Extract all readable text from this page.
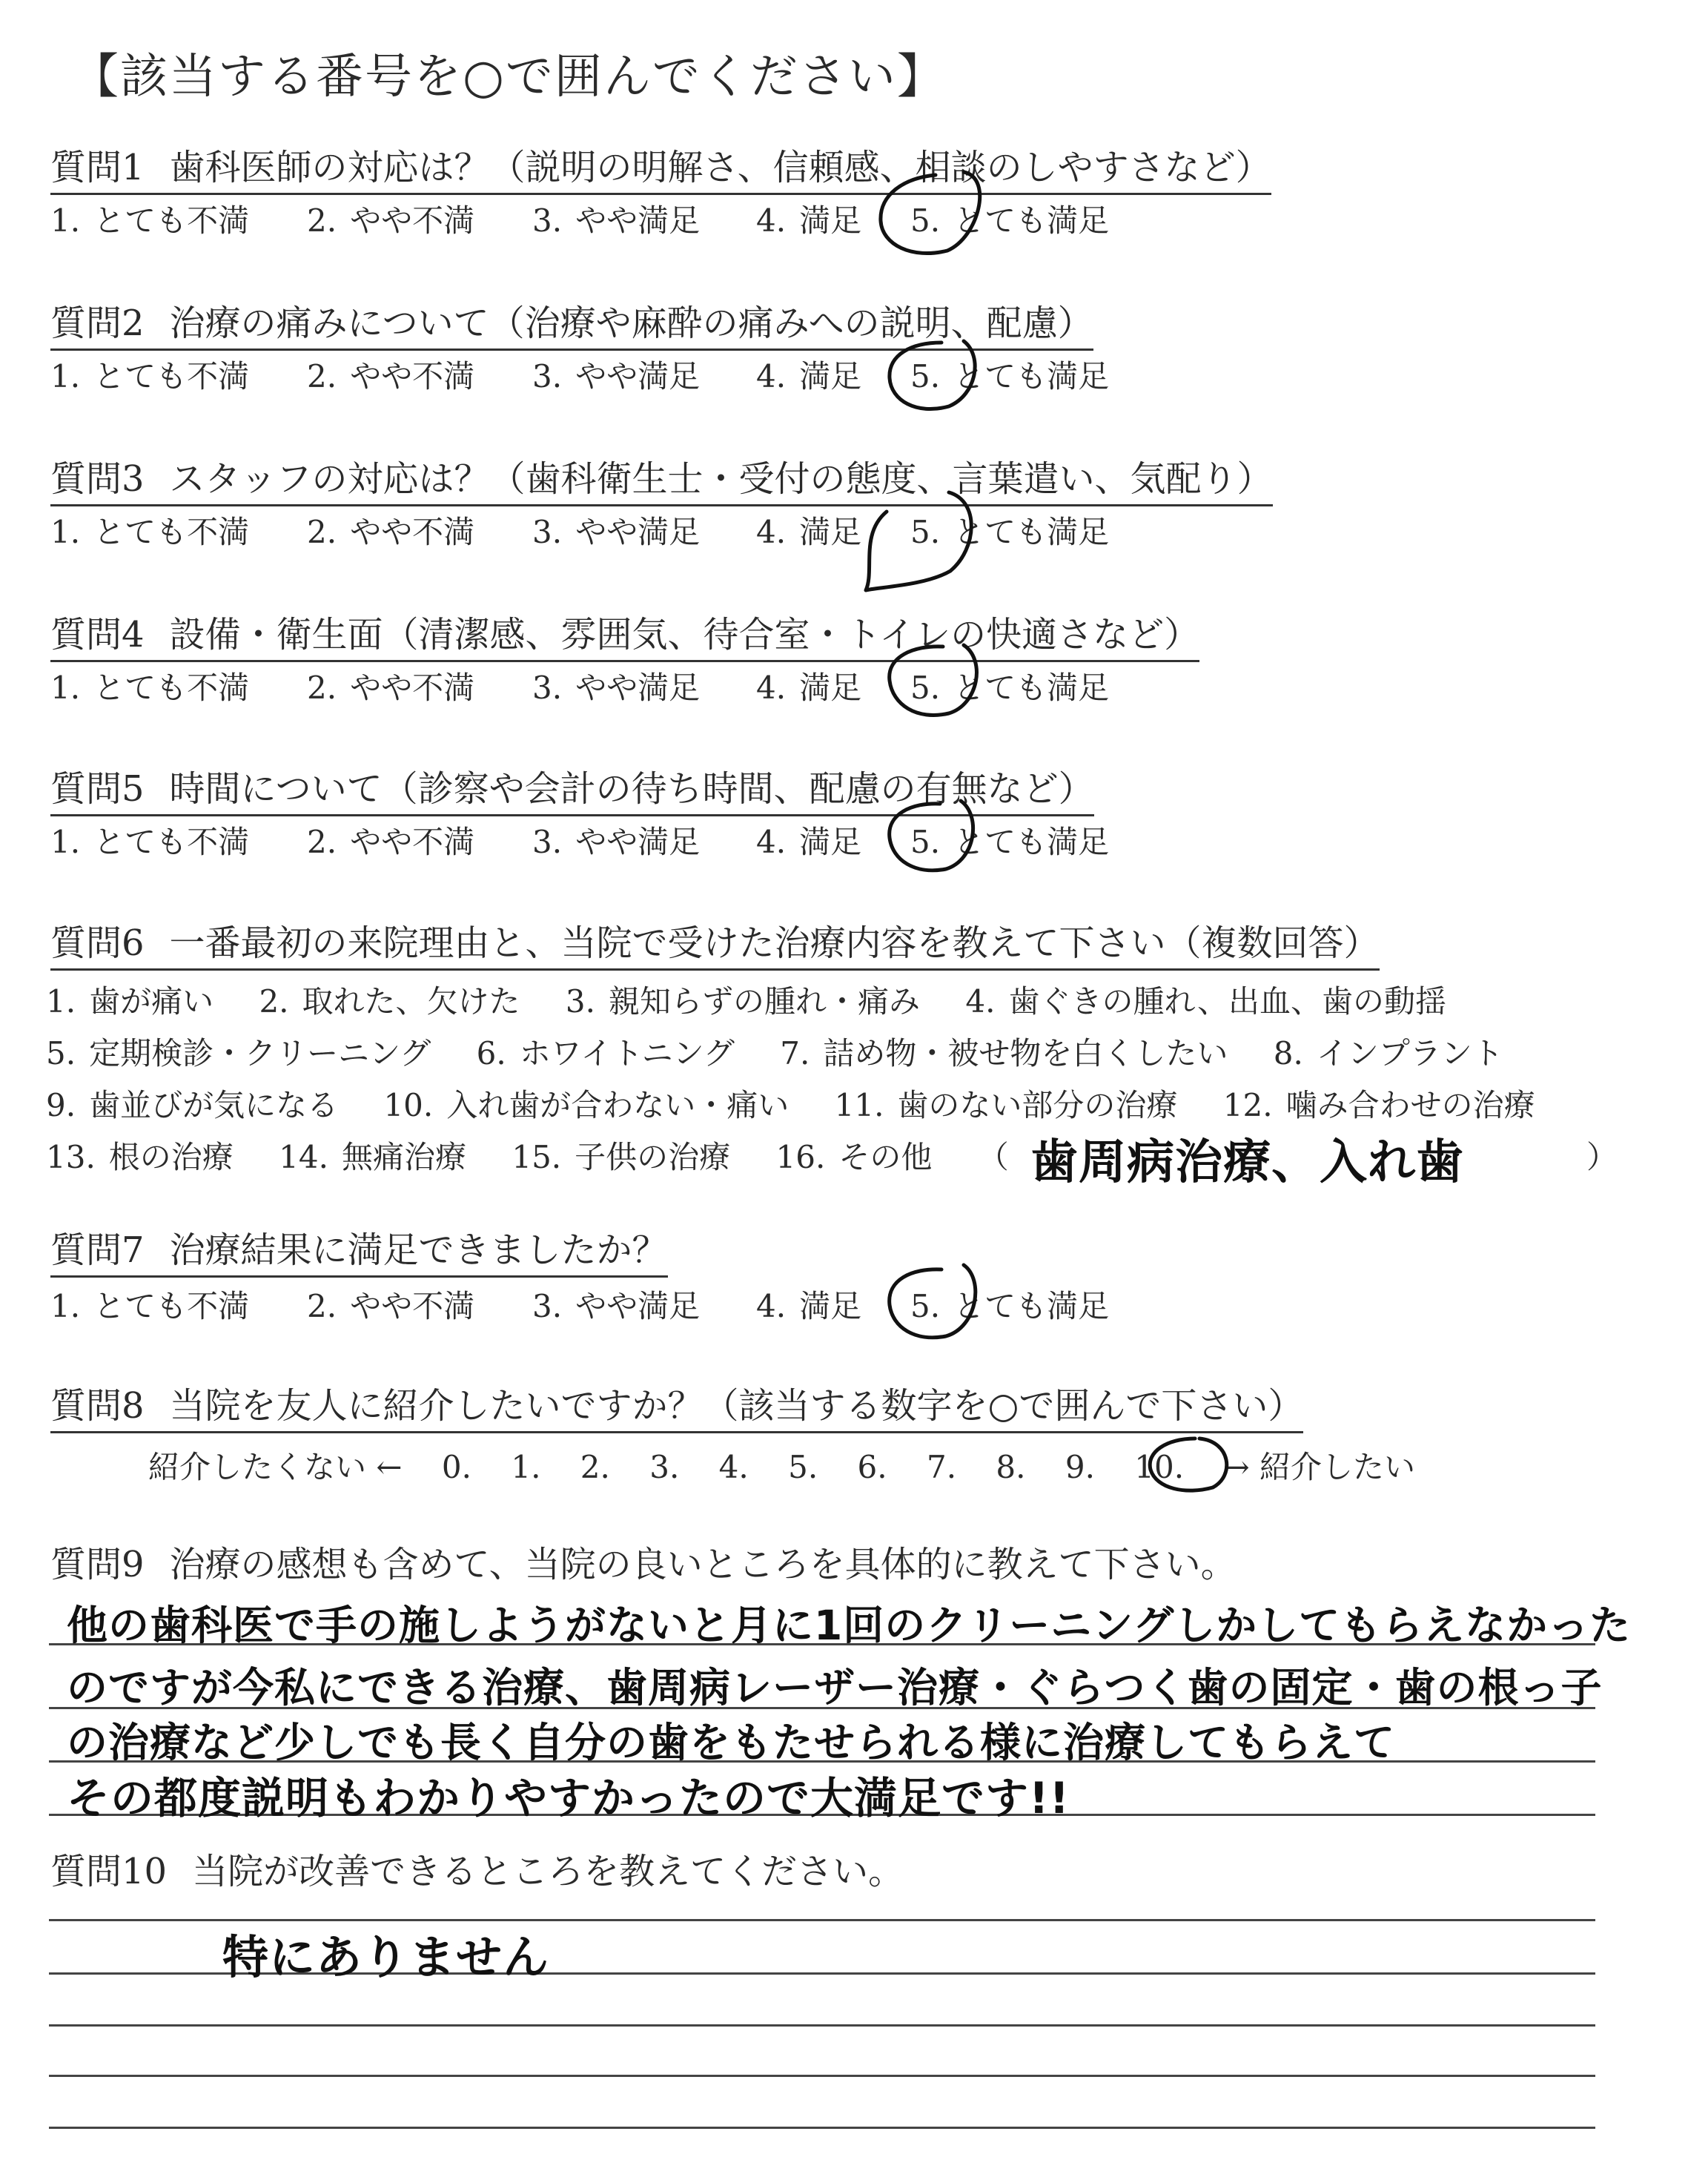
【該当する番号を○で囲んでください】
質問1 歯科医師の対応は？（説明の明解さ、信頼感、相談のしやすさなど）
1. とても不満 2. やや不満 3. やや満足 4. 満足 5. とても満足
質問2 治療の痛みについて（治療や麻酔の痛みへの説明、配慮）
1. とても不満 2. やや不満 3. やや満足 4. 満足 5. とても満足
質問3 スタッフの対応は？（歯科衛生士・受付の態度、言葉遣い、気配り）
1. とても不満 2. やや不満 3. やや満足 4. 満足 5. とても満足
質問4 設備・衛生面（清潔感、雰囲気、待合室・トイレの快適さなど）
1. とても不満 2. やや不満 3. やや満足 4. 満足 5. とても満足
質問5 時間について（診察や会計の待ち時間、配慮の有無など）
1. とても不満 2. やや不満 3. やや満足 4. 満足 5. とても満足
質問6 一番最初の来院理由と、当院で受けた治療内容を教えて下さい（複数回答）
1. 歯が痛い 2. 取れた、欠けた 3. 親知らずの腫れ・痛み 4. 歯ぐきの腫れ、出血、歯の動揺
5. 定期検診・クリーニング 6. ホワイトニング 7. 詰め物・被せ物を白くしたい 8. インプラント
9. 歯並びが気になる 10. 入れ歯が合わない・痛い 11. 歯のない部分の治療 12. 噛み合わせの治療
13. 根の治療 14. 無痛治療 15. 子供の治療 16. その他 （ 歯周病治療、入れ歯	）
質問7 治療結果に満足できましたか？
1. とても不満 2. やや不満 3. やや満足 4. 満足 5. とても満足
質問8 当院を友人に紹介したいですか？（該当する数字を○で囲んで下さい）
紹介したくない ← 0. 1. 2. 3. 4. 5. 6. 7. 8. 9. 10. → 紹介したい
質問9 治療の感想も含めて、当院の良いところを具体的に教えて下さい。
他の歯科医で手の施しようがないと月に1回のクリーニングしかしてもらえなかった
のですが今私にできる治療、歯周病レーザー治療・ぐらつく歯の固定・歯の根っ子
の治療など少しでも長く自分の歯をもたせられる様に治療してもらえて
その都度説明もわかりやすかったので大満足です!!
質問10 当院が改善できるところを教えてください。
特にありません
